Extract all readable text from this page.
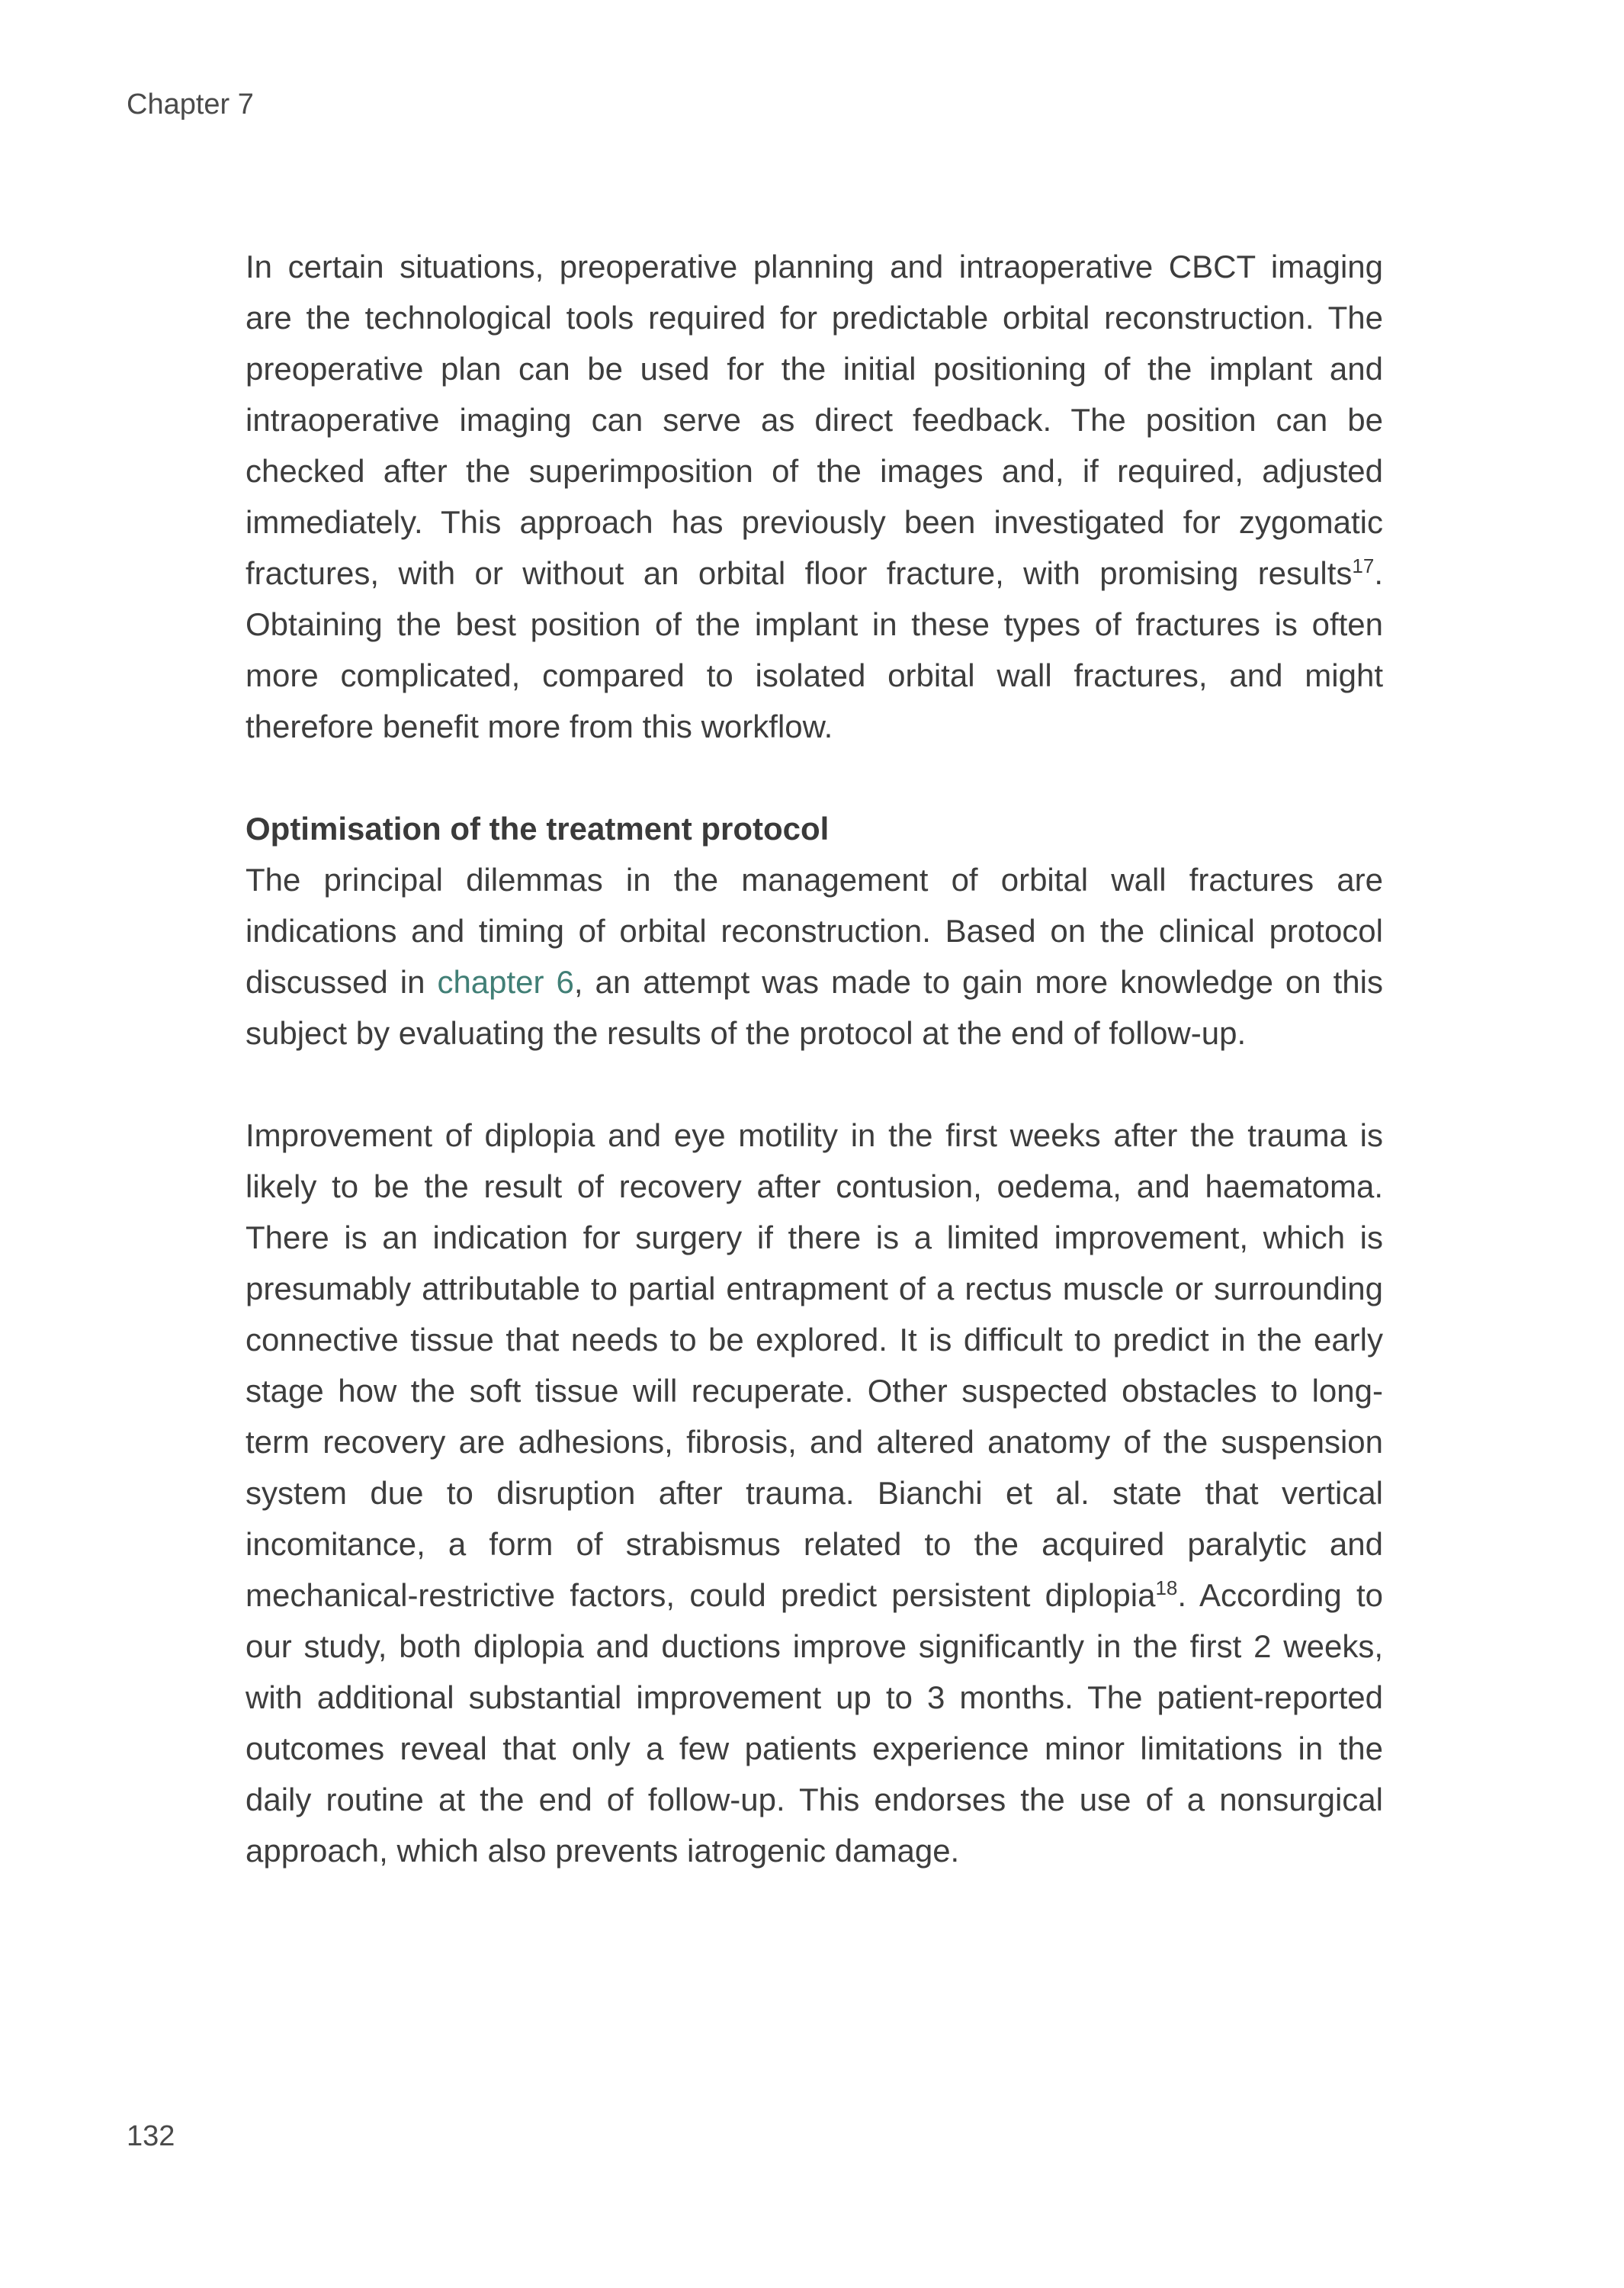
Chapter 7

In certain situations, preoperative planning and intraoperative CBCT imaging are the technological tools required for predictable orbital reconstruction. The preoperative plan can be used for the initial positioning of the implant and intraoperative imaging can serve as direct feedback. The position can be checked after the superimposition of the images and, if required, adjusted immediately. This approach has previously been investigated for zygomatic fractures, with or without an orbital floor fracture, with promising results$^{17}$. Obtaining the best position of the implant in these types of fractures is often more complicated, compared to isolated orbital wall fractures, and might therefore benefit more from this workflow.

Optimisation of the treatment protocol

The principal dilemmas in the management of orbital wall fractures are indications and timing of orbital reconstruction. Based on the clinical protocol discussed in chapter 6, an attempt was made to gain more knowledge on this subject by evaluating the results of the protocol at the end of follow-up.

Improvement of diplopia and eye motility in the first weeks after the trauma is likely to be the result of recovery after contusion, oedema, and haematoma. There is an indication for surgery if there is a limited improvement, which is presumably attributable to partial entrapment of a rectus muscle or surrounding connective tissue that needs to be explored. It is difficult to predict in the early stage how the soft tissue will recuperate. Other suspected obstacles to long-term recovery are adhesions, fibrosis, and altered anatomy of the suspension system due to disruption after trauma. Bianchi et al. state that vertical incomitance, a form of strabismus related to the acquired paralytic and mechanical-restrictive factors, could predict persistent diplopia$^{18}$. According to our study, both diplopia and ductions improve significantly in the first 2 weeks, with additional substantial improvement up to 3 months. The patient-reported outcomes reveal that only a few patients experience minor limitations in the daily routine at the end of follow-up. This endorses the use of a nonsurgical approach, which also prevents iatrogenic damage.

132
